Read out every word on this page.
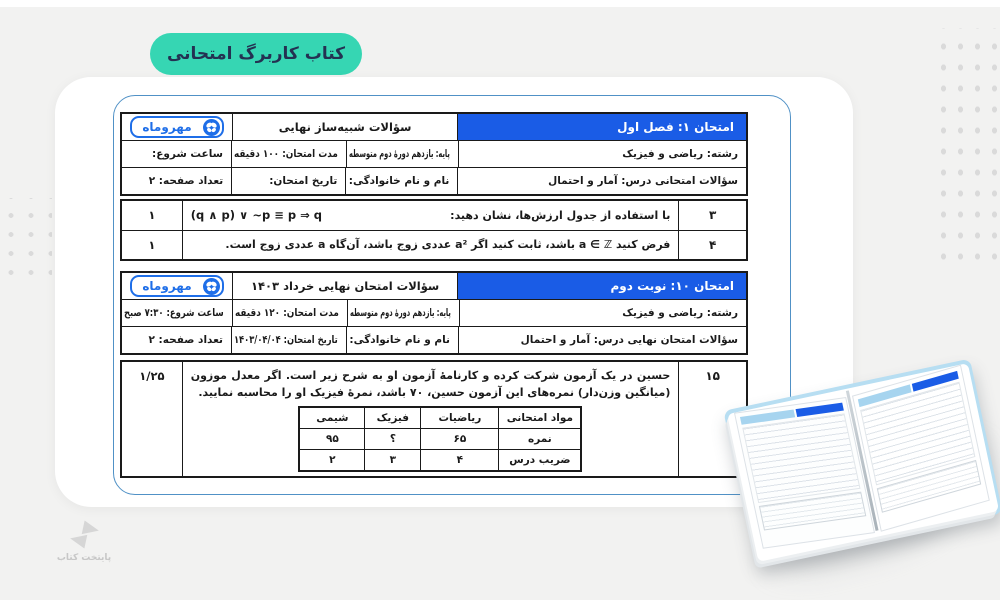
کتاب کاربرگ امتحانی
امتحان ۱: فصل اول
سؤالات شبیه‌ساز نهایی
مهروماه
رشته: ریاضی و فیزیک
پایه: یازدهم دورۀ دوم متوسطه
مدت امتحان: ۱۰۰ دقیقه
ساعت شروع:
سؤالات امتحانی درس: آمار و احتمال
نام و نام خانوادگی:
تاریخ امتحان:
تعداد صفحه: ۲
۳
با استفاده از جدول ارزش‌ها، نشان دهید:
(q ∧ p) ∨ ∼p ≡ p ⇒ q
۱
۴
فرض کنید a ∈ ℤ باشد، ثابت کنید اگر a² عددی زوج باشد، آن‌گاه a عددی زوج است.
۱
امتحان ۱۰: نوبت دوم
سؤالات امتحان نهایی خرداد ۱۴۰۳
مهروماه
رشته: ریاضی و فیزیک
پایه: یازدهم دورۀ دوم متوسطه
مدت امتحان: ۱۲۰ دقیقه
ساعت شروع: ۷:۳۰ صبح
سؤالات امتحان نهایی درس: آمار و احتمال
نام و نام خانوادگی:
تاریخ امتحان: ۱۴۰۳/۰۴/۰۴
تعداد صفحه: ۲
۱۵
حسین در یک آزمون شرکت کرده و کارنامۀ آزمون او به شرح زیر است. اگر معدل موزون (میانگین وزن‌دار) نمره‌های این آزمون حسین، ۷۰ باشد، نمرۀ فیزیک او را محاسبه نمایید.
مواد امتحانی
ریاضیات
فیزیک
شیمی
نمره
۶۵
؟
۹۵
ضریب درس
۴
۳
۲
۱/۲۵
پایتخت کتاب
